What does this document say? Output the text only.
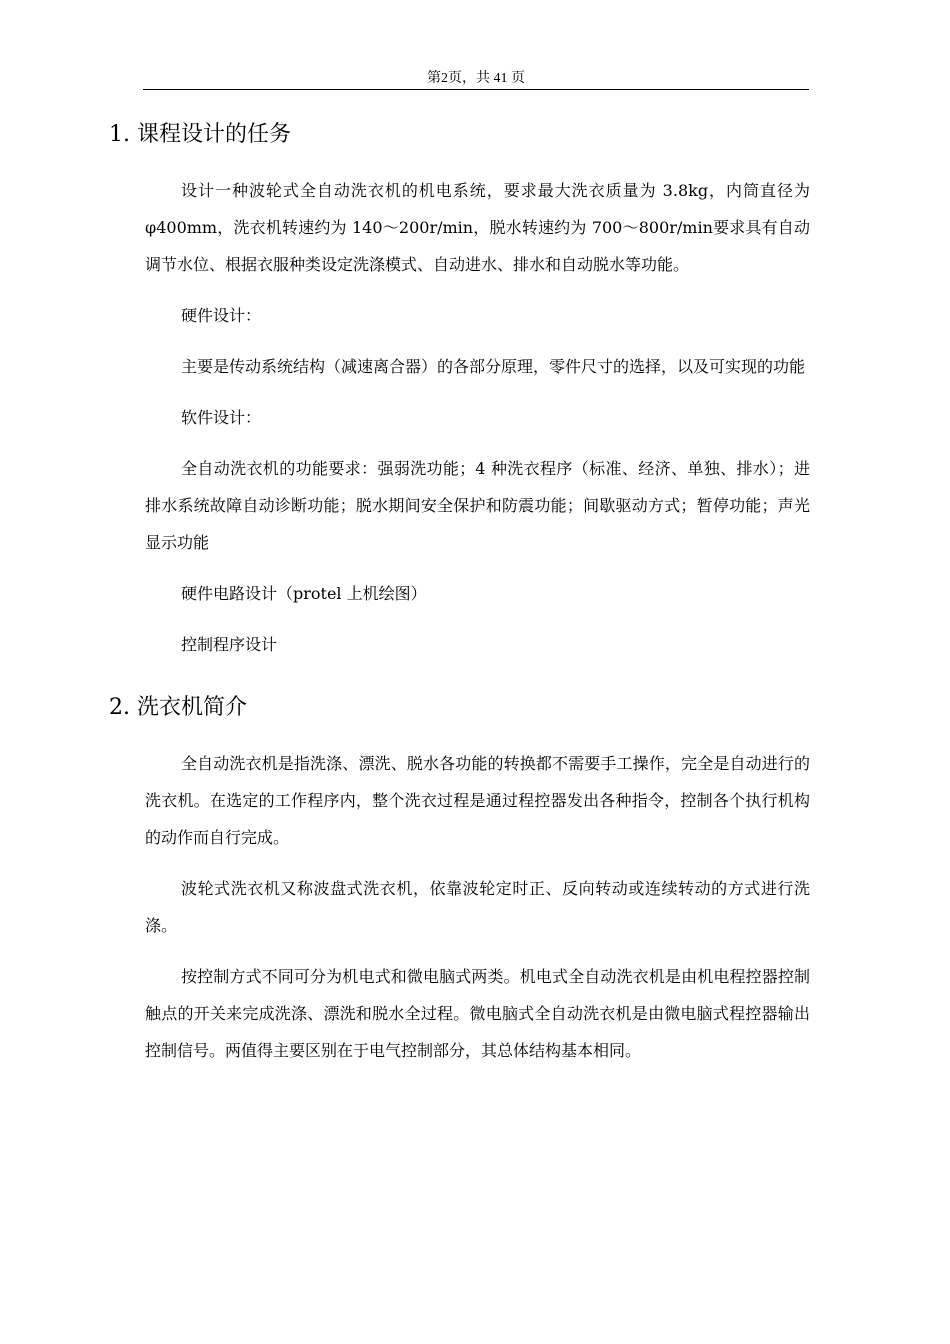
第2页，共 41 页
1. 课程设计的任务

设计一种波轮式全自动洗衣机的机电系统，要求最大洗衣质量为 3.8kg，内筒直径为φ400mm，洗衣机转速约为 140～200r/min，脱水转速约为 700～800r/min要求具有自动调节水位、根据衣服种类设定洗涤模式、自动进水、排水和自动脱水等功能。

硬件设计：

主要是传动系统结构（减速离合器）的各部分原理，零件尺寸的选择，以及可实现的功能

软件设计：

全自动洗衣机的功能要求：强弱洗功能；4 种洗衣程序（标准、经济、单独、排水）；进排水系统故障自动诊断功能；脱水期间安全保护和防震功能；间歇驱动方式；暂停功能；声光显示功能

硬件电路设计（protel 上机绘图）

控制程序设计

2. 洗衣机简介

全自动洗衣机是指洗涤、漂洗、脱水各功能的转换都不需要手工操作，完全是自动进行的洗衣机。在选定的工作程序内，整个洗衣过程是通过程控器发出各种指令，控制各个执行机构的动作而自行完成。

波轮式洗衣机又称波盘式洗衣机，依靠波轮定时正、反向转动或连续转动的方式进行洗涤。

按控制方式不同可分为机电式和微电脑式两类。机电式全自动洗衣机是由机电程控器控制触点的开关来完成洗涤、漂洗和脱水全过程。微电脑式全自动洗衣机是由微电脑式程控器输出控制信号。两值得主要区别在于电气控制部分，其总体结构基本相同。
